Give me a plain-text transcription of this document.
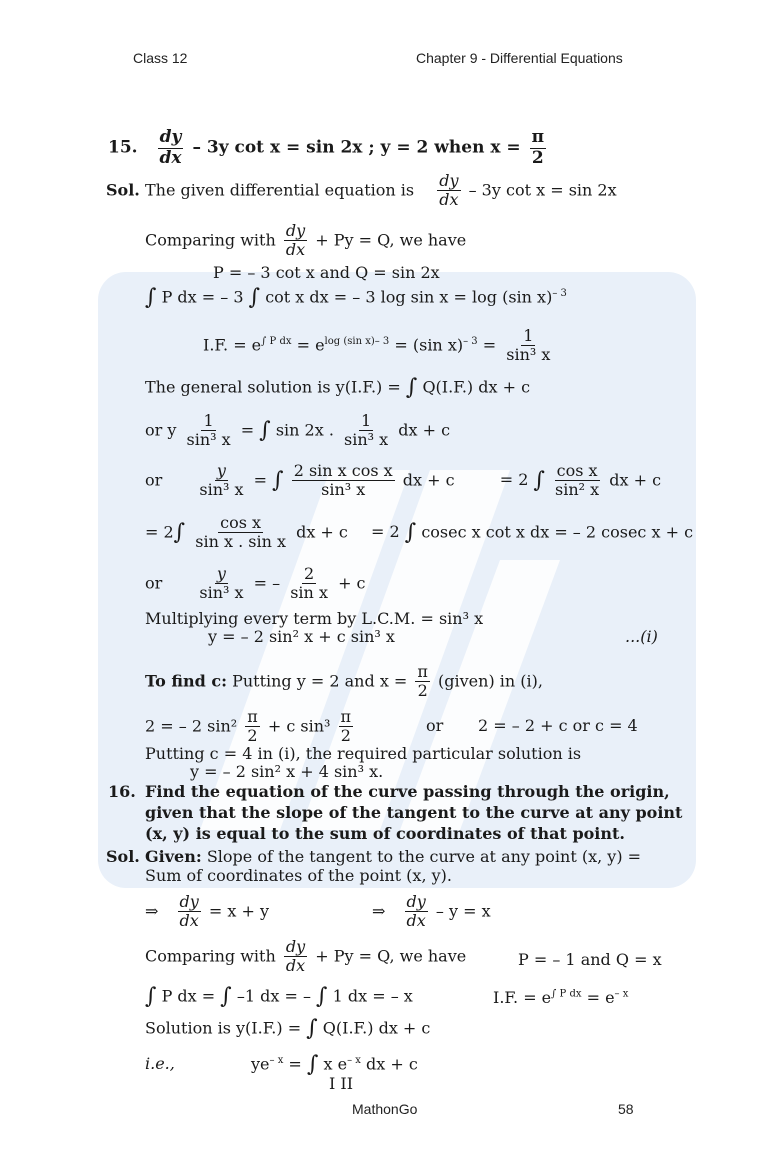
Class 12	Chapter 9 - Differential Equations
15. $\frac{dy}{dx} - 3y$ cot x = sin 2x ; y = 2 when $x = \frac{\pi}{2}$
Sol. The given differential equation is $\frac{dy}{dx} - 3y$ cot x = sin 2x
Comparing with $\frac{dy}{dx} + Py = Q$, we have
P = – 3 cot x and Q = sin 2x
∫ P dx = – 3 ∫ cot x dx = – 3 log sin x = log (sin x)$^{- 3}$
I.F. = $e^{\int P dx} = e^{log (sin x)- 3} = (\sin$ $x)^{- 3} = \frac{1}{\text{sin³ x}}$
The general solution is y(I.F.) = ∫ Q(I.F.) dx + c
or y $\frac{1}{\text{sin³ x}}$ = ∫ sin 2x . $\frac{1}{\text{sin³ x}}$ dx + c
or $\frac{y}{\text{sin³ x}}$ = ∫ $\frac{\text{2 sin x cos x}}{\text{sin³ x}}$ dx + c	= 2 ∫ $\frac{\text{cos x}}{\text{sin² x}}$ dx + c
= $2\int \frac{\text{cos x}}{\text{sin x . sin x}}$ dx + c = 2 ∫ cosec x cot x dx = – 2 cosec x + c
or $\frac{y}{\text{sin³ x}}$ = – $\frac{2}{\text{sin x}} + c$
Multiplying every term by L.C.M. = sin³ x
y = – 2 sin² x + c sin³ x	...(i)
To find c: Putting y = 2 and $x = \frac{\pi}{2}$ (given) in (i),
2 = – 2 $\sin^2 \frac{\pi}{2} + c$ $\sin^3 \frac{\pi}{2}$	or 2 = – 2 + c or c = 4
Putting c = 4 in (i), the required particular solution is
y = – 2 sin² x + 4 sin³ x.
16. Find the equation of the curve passing through the origin,
given that the slope of the tangent to the curve at any point
(x, y) is equal to the sum of coordinates of that point.
Sol. Given: Slope of the tangent to the curve at any point (x, y) =
Sum of coordinates of the point (x, y).
⇒ $\frac{dy}{dx} = x + y$	⇒ $\frac{dy}{dx} - y = x$
Comparing with $\frac{dy}{dx} + Py = Q$, we have	P = – 1 and Q = x
∫ P dx = ∫ –1 dx = – ∫ 1 dx = – x	I.F. = $e^{\int P dx} = e^{- x}$
Solution is y(I.F.) = ∫ Q(I.F.) dx + c
i.e.,	$ye^{- x}$ = ∫ x $e^{- x}$ dx + c
I II
MathonGo	58
